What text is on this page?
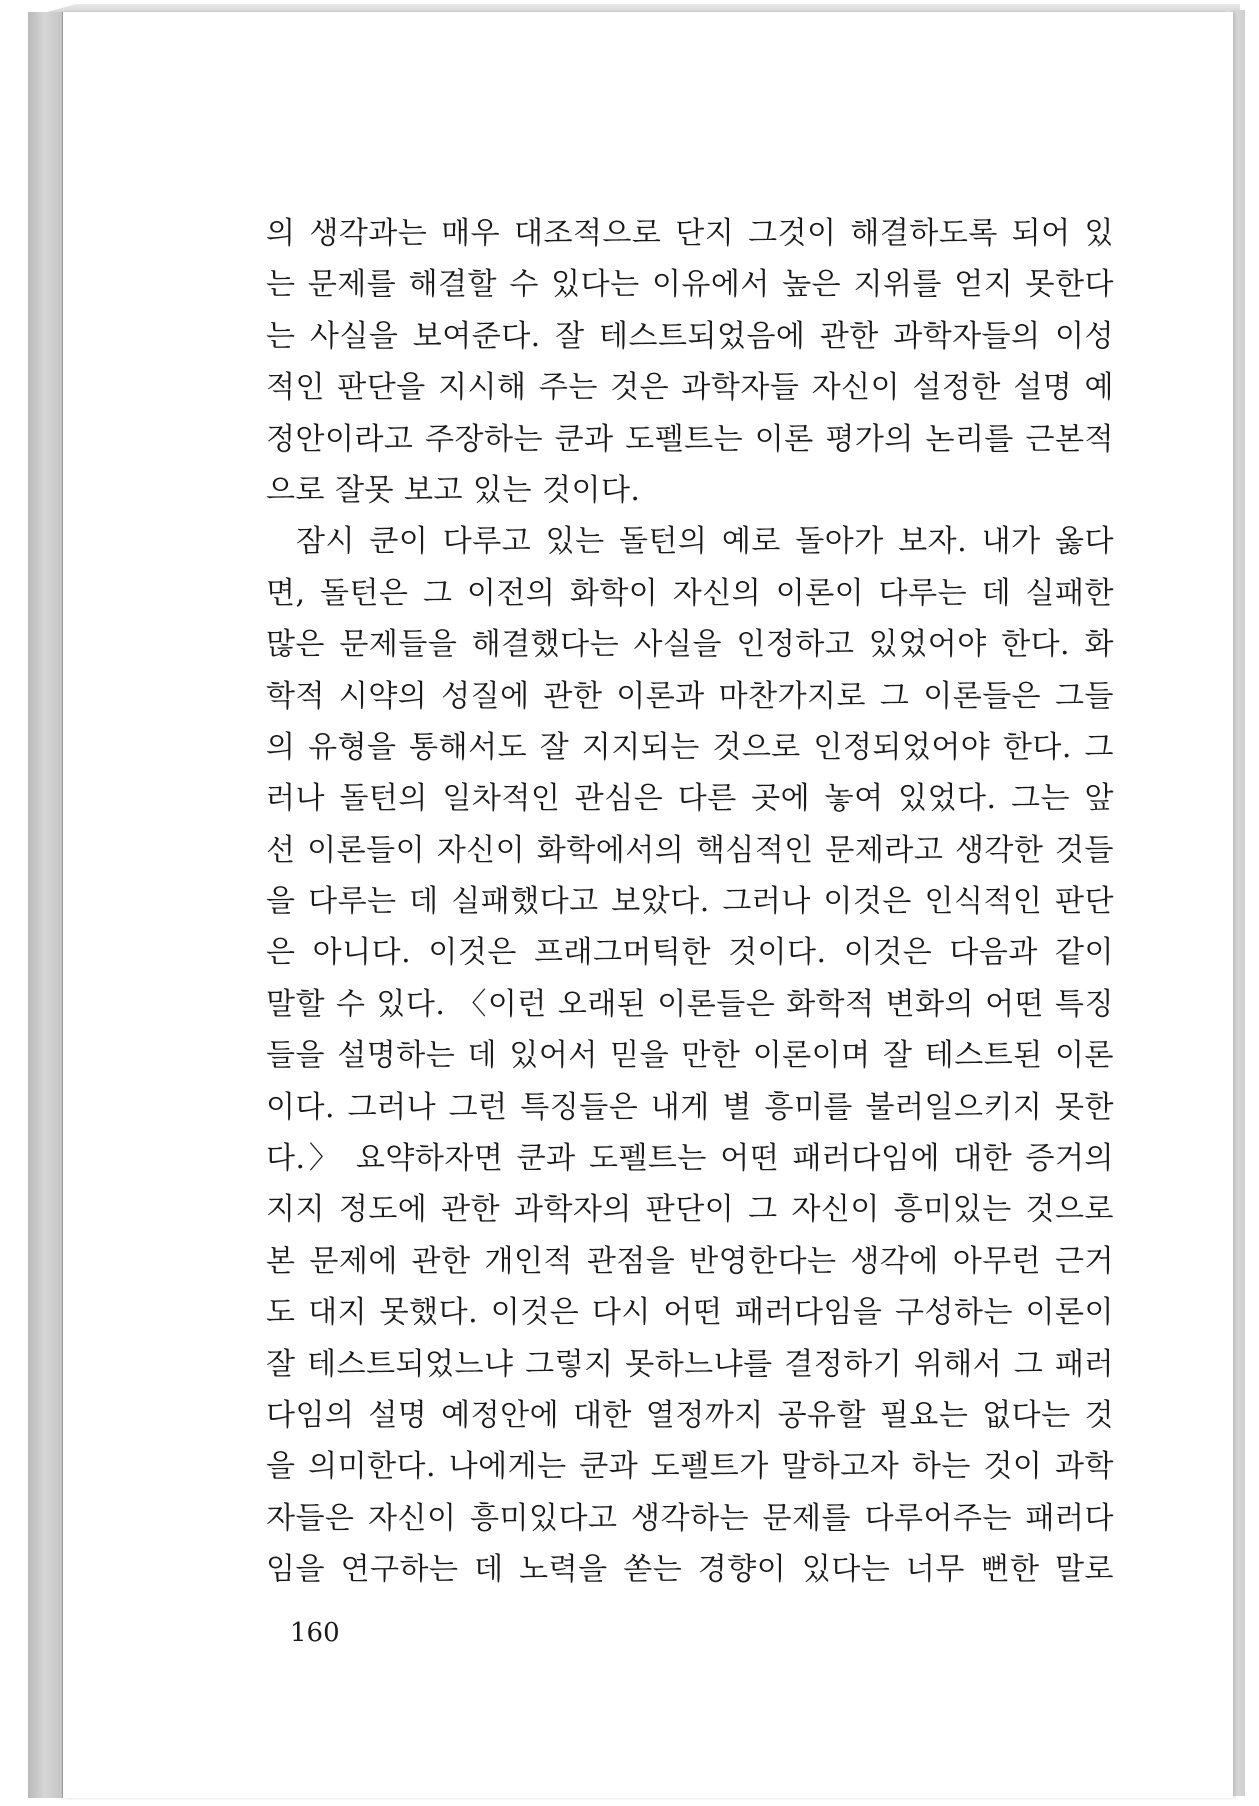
의 생각과는 매우 대조적으로 단지 그것이 해결하도록 되어 있
는 문제를 해결할 수 있다는 이유에서 높은 지위를 얻지 못한다
는 사실을 보여준다. 잘 테스트되었음에 관한 과학자들의 이성
적인 판단을 지시해 주는 것은 과학자들 자신이 설정한 설명 예
정안이라고 주장하는 쿤과 도펠트는 이론 평가의 논리를 근본적
으로 잘못 보고 있는 것이다.
잠시 쿤이 다루고 있는 돌턴의 예로 돌아가 보자. 내가 옳다
면, 돌턴은 그 이전의 화학이 자신의 이론이 다루는 데 실패한
많은 문제들을 해결했다는 사실을 인정하고 있었어야 한다. 화
학적 시약의 성질에 관한 이론과 마찬가지로 그 이론들은 그들
의 유형을 통해서도 잘 지지되는 것으로 인정되었어야 한다. 그
러나 돌턴의 일차적인 관심은 다른 곳에 놓여 있었다. 그는 앞
선 이론들이 자신이 화학에서의 핵심적인 문제라고 생각한 것들
을 다루는 데 실패했다고 보았다. 그러나 이것은 인식적인 판단
은 아니다. 이것은 프래그머틱한 것이다. 이것은 다음과 같이
말할 수 있다. 〈이런 오래된 이론들은 화학적 변화의 어떤 특징
들을 설명하는 데 있어서 믿을 만한 이론이며 잘 테스트된 이론
이다. 그러나 그런 특징들은 내게 별 흥미를 불러일으키지 못한
다.〉 요약하자면 쿤과 도펠트는 어떤 패러다임에 대한 증거의
지지 정도에 관한 과학자의 판단이 그 자신이 흥미있는 것으로
본 문제에 관한 개인적 관점을 반영한다는 생각에 아무런 근거
도 대지 못했다. 이것은 다시 어떤 패러다임을 구성하는 이론이
잘 테스트되었느냐 그렇지 못하느냐를 결정하기 위해서 그 패러
다임의 설명 예정안에 대한 열정까지 공유할 필요는 없다는 것
을 의미한다. 나에게는 쿤과 도펠트가 말하고자 하는 것이 과학
자들은 자신이 흥미있다고 생각하는 문제를 다루어주는 패러다
임을 연구하는 데 노력을 쏟는 경향이 있다는 너무 뻔한 말로
160
